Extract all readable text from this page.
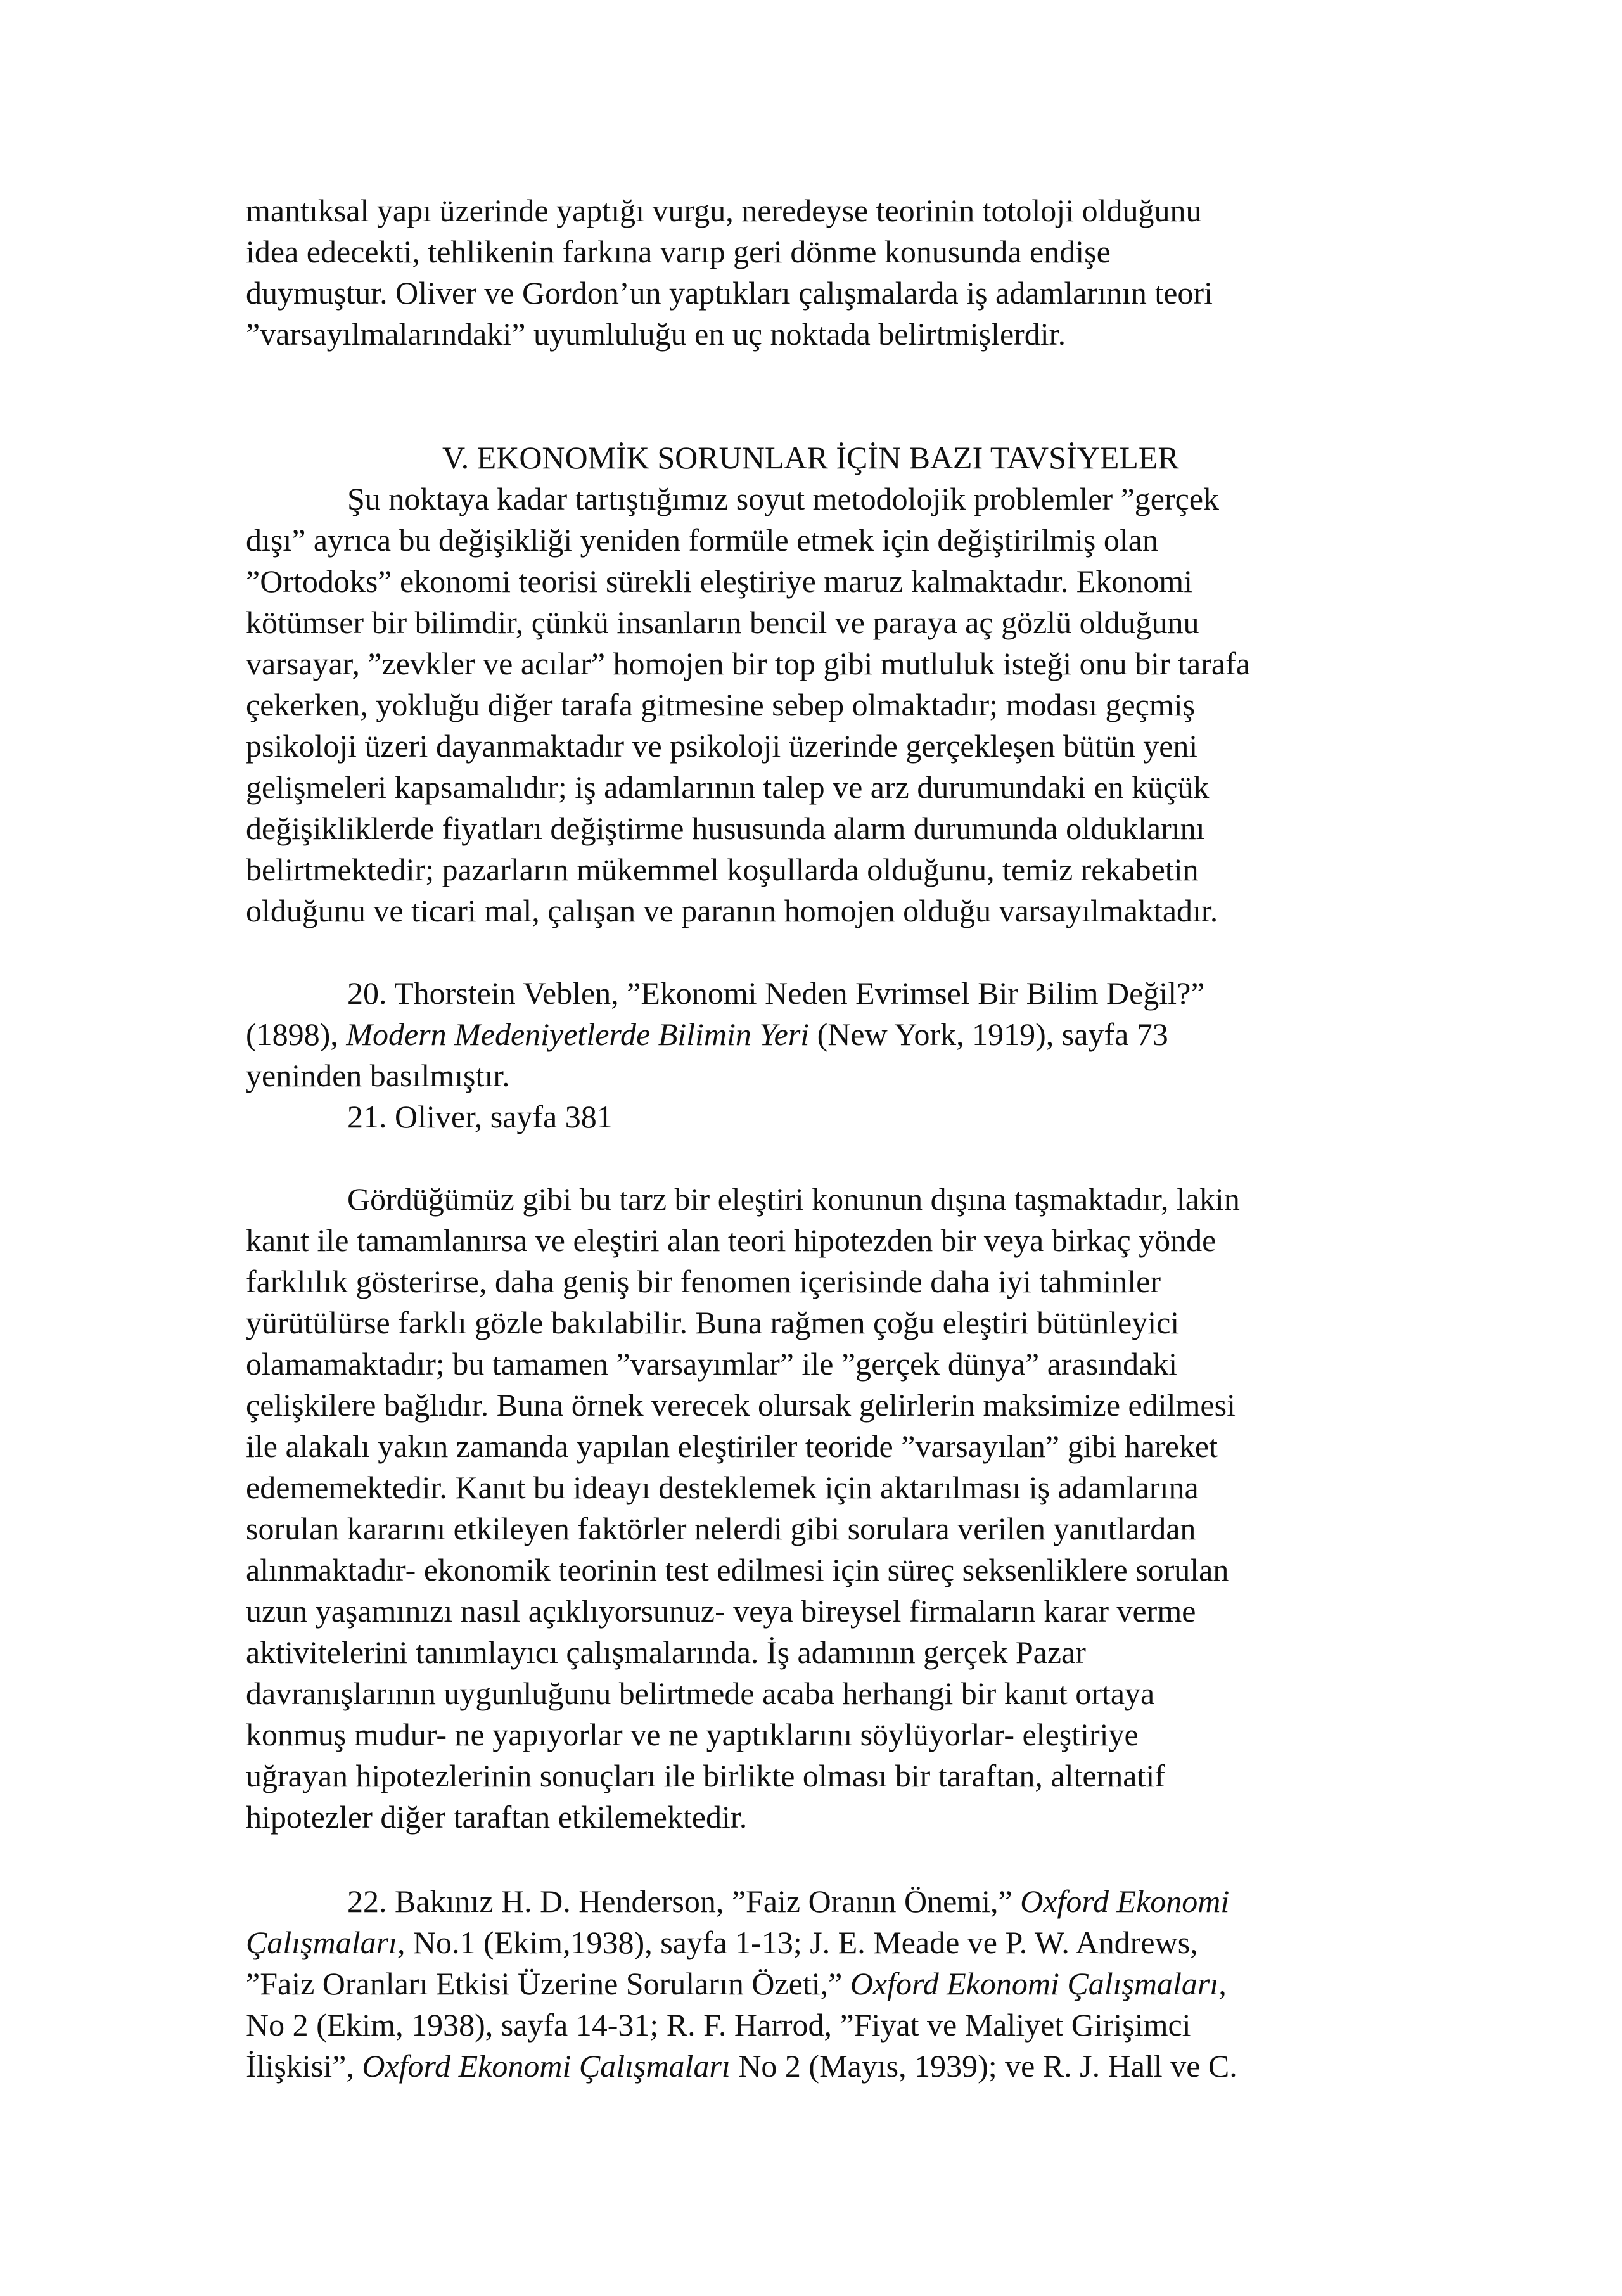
mantıksal yapı üzerinde yaptığı vurgu, neredeyse teorinin totoloji olduğunu
idea edecekti, tehlikenin farkına varıp geri dönme konusunda endişe
duymuştur. Oliver ve Gordon’un yaptıkları çalışmalarda iş adamlarının teori
”varsayılmalarındaki” uyumluluğu en uç noktada belirtmişlerdir.
V. EKONOMİK SORUNLAR İÇİN BAZI TAVSİYELER
Şu noktaya kadar tartıştığımız soyut metodolojik problemler ”gerçek
dışı” ayrıca bu değişikliği yeniden formüle etmek için değiştirilmiş olan
”Ortodoks” ekonomi teorisi sürekli eleştiriye maruz kalmaktadır. Ekonomi
kötümser bir bilimdir, çünkü insanların bencil ve paraya aç gözlü olduğunu
varsayar, ”zevkler ve acılar” homojen bir top gibi mutluluk isteği onu bir tarafa
çekerken, yokluğu diğer tarafa gitmesine sebep olmaktadır; modası geçmiş
psikoloji üzeri dayanmaktadır ve psikoloji üzerinde gerçekleşen bütün yeni
gelişmeleri kapsamalıdır; iş adamlarının talep ve arz durumundaki en küçük
değişikliklerde fiyatları değiştirme hususunda alarm durumunda olduklarını
belirtmektedir; pazarların mükemmel koşullarda olduğunu, temiz rekabetin
olduğunu ve ticari mal, çalışan ve paranın homojen olduğu varsayılmaktadır.
20. Thorstein Veblen, ”Ekonomi Neden Evrimsel Bir Bilim Değil?”
(1898), Modern Medeniyetlerde Bilimin Yeri (New York, 1919), sayfa 73
yeninden basılmıştır.
21. Oliver, sayfa 381
Gördüğümüz gibi bu tarz bir eleştiri konunun dışına taşmaktadır, lakin
kanıt ile tamamlanırsa ve eleştiri alan teori hipotezden bir veya birkaç yönde
farklılık gösterirse, daha geniş bir fenomen içerisinde daha iyi tahminler
yürütülürse farklı gözle bakılabilir. Buna rağmen çoğu eleştiri bütünleyici
olamamaktadır; bu tamamen ”varsayımlar” ile ”gerçek dünya” arasındaki
çelişkilere bağlıdır. Buna örnek verecek olursak gelirlerin maksimize edilmesi
ile alakalı yakın zamanda yapılan eleştiriler teoride ”varsayılan” gibi hareket
edememektedir. Kanıt bu ideayı desteklemek için aktarılması iş adamlarına
sorulan kararını etkileyen faktörler nelerdi gibi sorulara verilen yanıtlardan
alınmaktadır- ekonomik teorinin test edilmesi için süreç seksenliklere sorulan
uzun yaşamınızı nasıl açıklıyorsunuz- veya bireysel firmaların karar verme
aktivitelerini tanımlayıcı çalışmalarında. İş adamının gerçek Pazar
davranışlarının uygunluğunu belirtmede acaba herhangi bir kanıt ortaya
konmuş mudur- ne yapıyorlar ve ne yaptıklarını söylüyorlar- eleştiriye
uğrayan hipotezlerinin sonuçları ile birlikte olması bir taraftan, alternatif
hipotezler diğer taraftan etkilemektedir.
22. Bakınız H. D. Henderson, ”Faiz Oranın Önemi,” Oxford Ekonomi
Çalışmaları, No.1 (Ekim,1938), sayfa 1-13; J. E. Meade ve P. W. Andrews,
”Faiz Oranları Etkisi Üzerine Soruların Özeti,” Oxford Ekonomi Çalışmaları,
No 2 (Ekim, 1938), sayfa 14-31; R. F. Harrod, ”Fiyat ve Maliyet Girişimci
İlişkisi”, Oxford Ekonomi Çalışmaları No 2 (Mayıs, 1939); ve R. J. Hall ve C.
